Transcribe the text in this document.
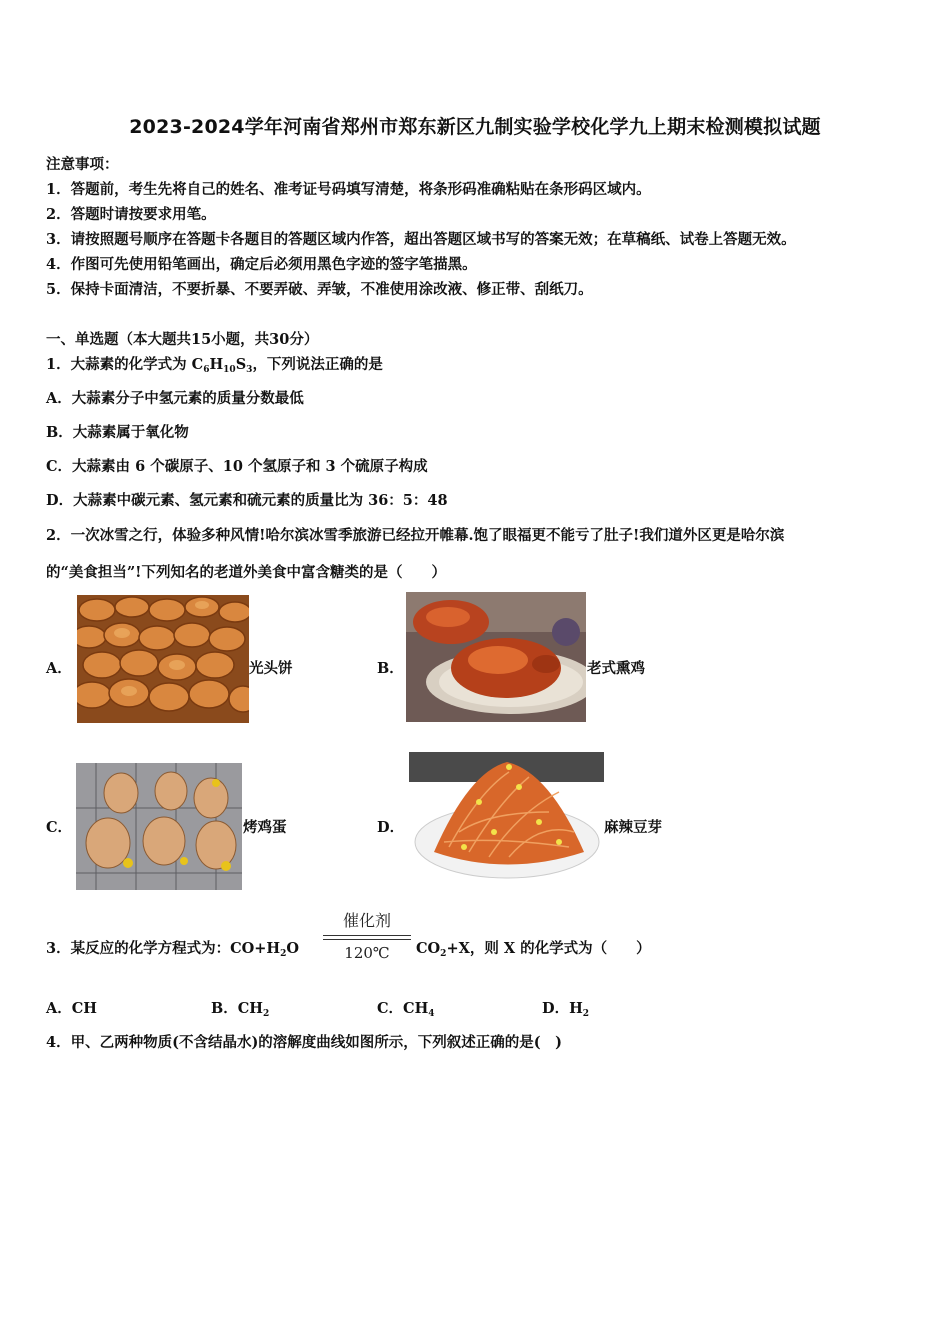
2023-2024学年河南省郑州市郑东新区九制实验学校化学九上期末检测模拟试题
注意事项：
1．答题前，考生先将自己的姓名、准考证号码填写清楚，将条形码准确粘贴在条形码区域内。
2．答题时请按要求用笔。
3．请按照题号顺序在答题卡各题目的答题区域内作答，超出答题区域书写的答案无效；在草稿纸、试卷上答题无效。
4．作图可先使用铅笔画出，确定后必须用黑色字迹的签字笔描黑。
5．保持卡面清洁，不要折暴、不要弄破、弄皱，不准使用涂改液、修正带、刮纸刀。
一、单选题（本大题共15小题，共30分）
1．大蒜素的化学式为 $C_6H_{10}S_3$，下列说法正确的是
A．大蒜素分子中氢元素的质量分数最低
B．大蒜素属于氧化物
C．大蒜素由 6 个碳原子、10 个氢原子和 3 个硫原子构成
D．大蒜素中碳元素、氢元素和硫元素的质量比为 36：5：48
2．一次冰雪之行，体验多种风情!哈尔滨冰雪季旅游已经拉开帷幕.饱了眼福更不能亏了肚子!我们道外区更是哈尔滨
的“美食担当”!下列知名的老道外美食中富含糖类的是（　　）
A．	光头饼	B．	老式熏鸡
C．	烤鸡蛋	D．	麻辣豆芽
3．某反应的化学方程式为：$CO+H_2O$
催化剂
120℃	$CO_2+X$，则 X 的化学式为（　　）
A．CH	B．$CH_2$	C．$CH_4$	D．$H_2$
4．甲、乙两种物质(不含结晶水)的溶解度曲线如图所示，下列叙述正确的是(　)
